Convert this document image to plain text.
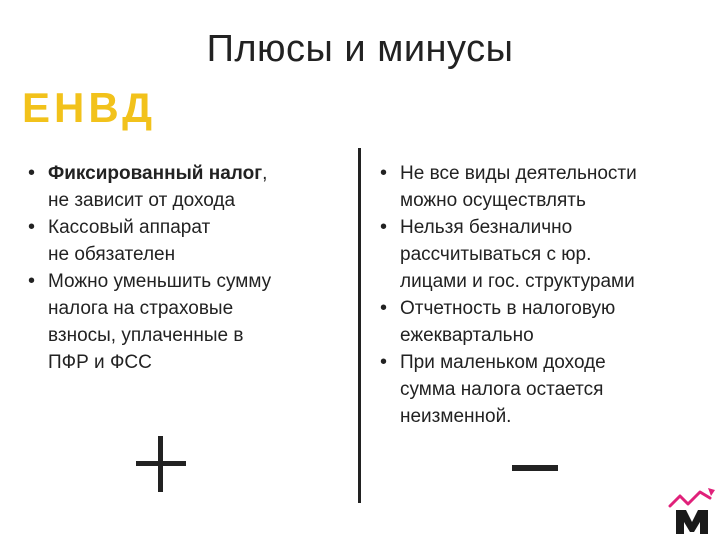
Плюсы и минусы
ЕНВД
• Фиксированный налог,
не зависит от дохода
• Кассовый аппарат
не обязателен
• Можно уменьшить сумму
налога на страховые
взносы, уплаченные в
ПФР и ФСС
• Не все виды деятельности
можно осуществлять
• Нельзя безналично
рассчитываться с юр.
лицами и гос. структурами
• Отчетность в налоговую
ежеквартально
• При маленьком доходе
сумма налога остается
неизменной.
